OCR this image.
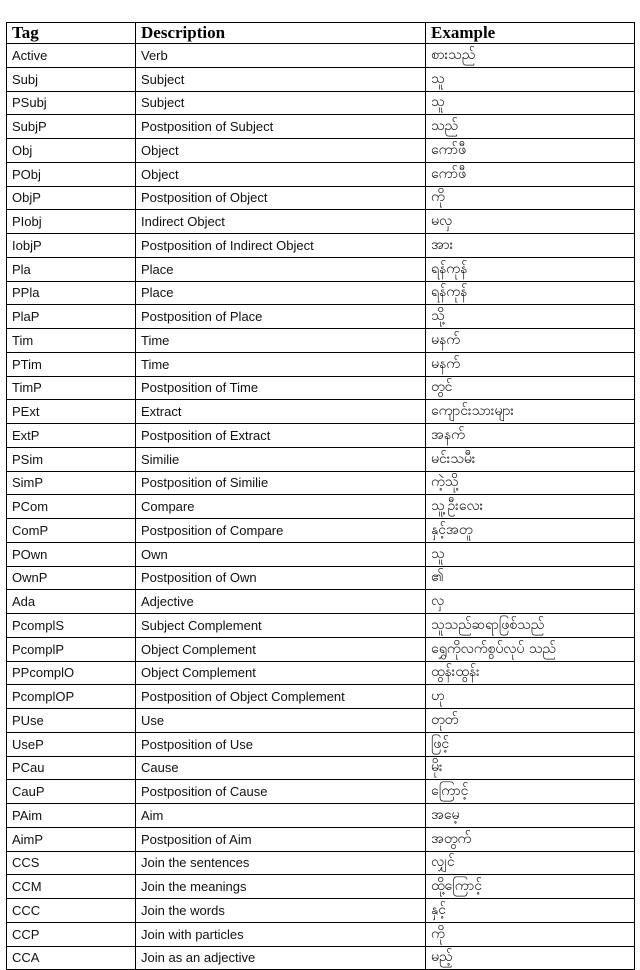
Tag	Description	Example
Active	Verb	စားသည်
Subj	Subject	သူ
PSubj	Subject	သူ
SubjP	Postposition of Subject	သည်
Obj	Object	ကော်ဖီ
PObj	Object	ကော်ဖီ
ObjP	Postposition of Object	ကို
PIobj	Indirect Object	မလှ
IobjP	Postposition of Indirect Object	အား
Pla	Place	ရန်ကုန်
PPla	Place	ရန်ကုန်
PlaP	Postposition of Place	သို့
Tim	Time	မနက်
PTim	Time	မနက်
TimP	Postposition of Time	တွင်
PExt	Extract	ကျောင်းသားများ
ExtP	Postposition of Extract	အနက်
PSim	Similie	မင်းသမီး
SimP	Postposition of Similie	ကဲ့သို့
PCom	Compare	သူ့ဦးလေး
ComP	Postposition of Compare	နှင့်အတူ
POwn	Own	သူ
OwnP	Postposition of Own	၏
Ada	Adjective	လှ
PcomplS	Subject Complement	သူသည်ဆရာဖြစ်သည်
PcomplP	Object Complement	ရွှေကိုလက်စွပ်လုပ် သည်
PPcomplO	Object Complement	ထွန်းထွန်း
PcomplOP	Postposition of Object Complement	ဟု
PUse	Use	တုတ်
UseP	Postposition of Use	ဖြင့်
PCau	Cause	မိုး
CauP	Postposition of Cause	ကြောင့်
PAim	Aim	အမေ့
AimP	Postposition of Aim	အတွက်
CCS	Join the sentences	လျှင်
CCM	Join the meanings	ထို့ကြောင့်
CCC	Join the words	နှင့်
CCP	Join with particles	ကို
CCA	Join as an adjective	မည့်
